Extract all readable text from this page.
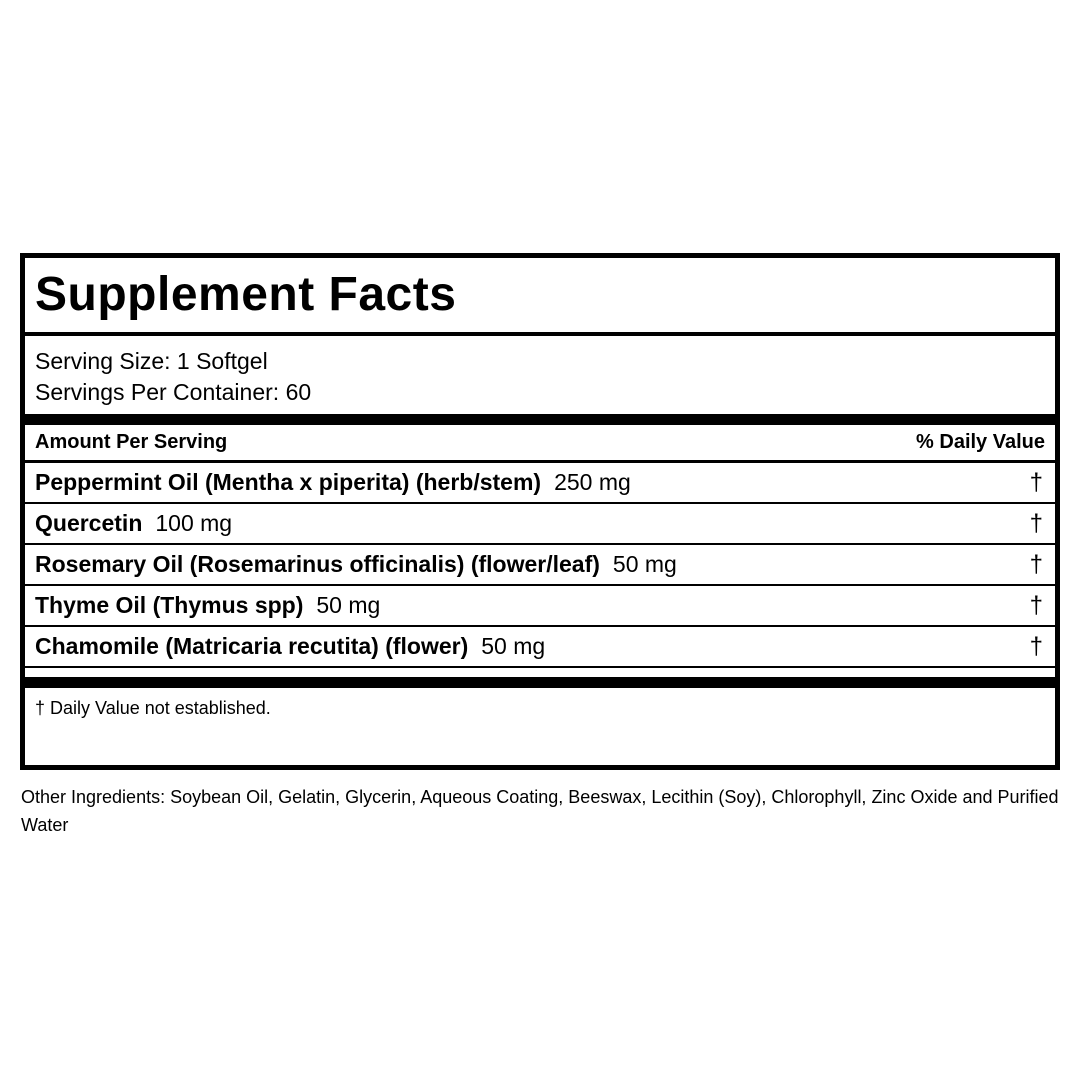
Supplement Facts
Serving Size: 1 Softgel
Servings Per Container: 60
Amount Per Serving	% Daily Value
Peppermint Oil (Mentha x piperita) (herb/stem) 250 mg	†
Quercetin 100 mg	†
Rosemary Oil (Rosemarinus officinalis) (flower/leaf) 50 mg	†
Thyme Oil (Thymus spp) 50 mg	†
Chamomile (Matricaria recutita) (flower) 50 mg	†
† Daily Value not established.
Other Ingredients: Soybean Oil, Gelatin, Glycerin, Aqueous Coating, Beeswax, Lecithin (Soy), Chlorophyll, Zinc Oxide and Purified Water
